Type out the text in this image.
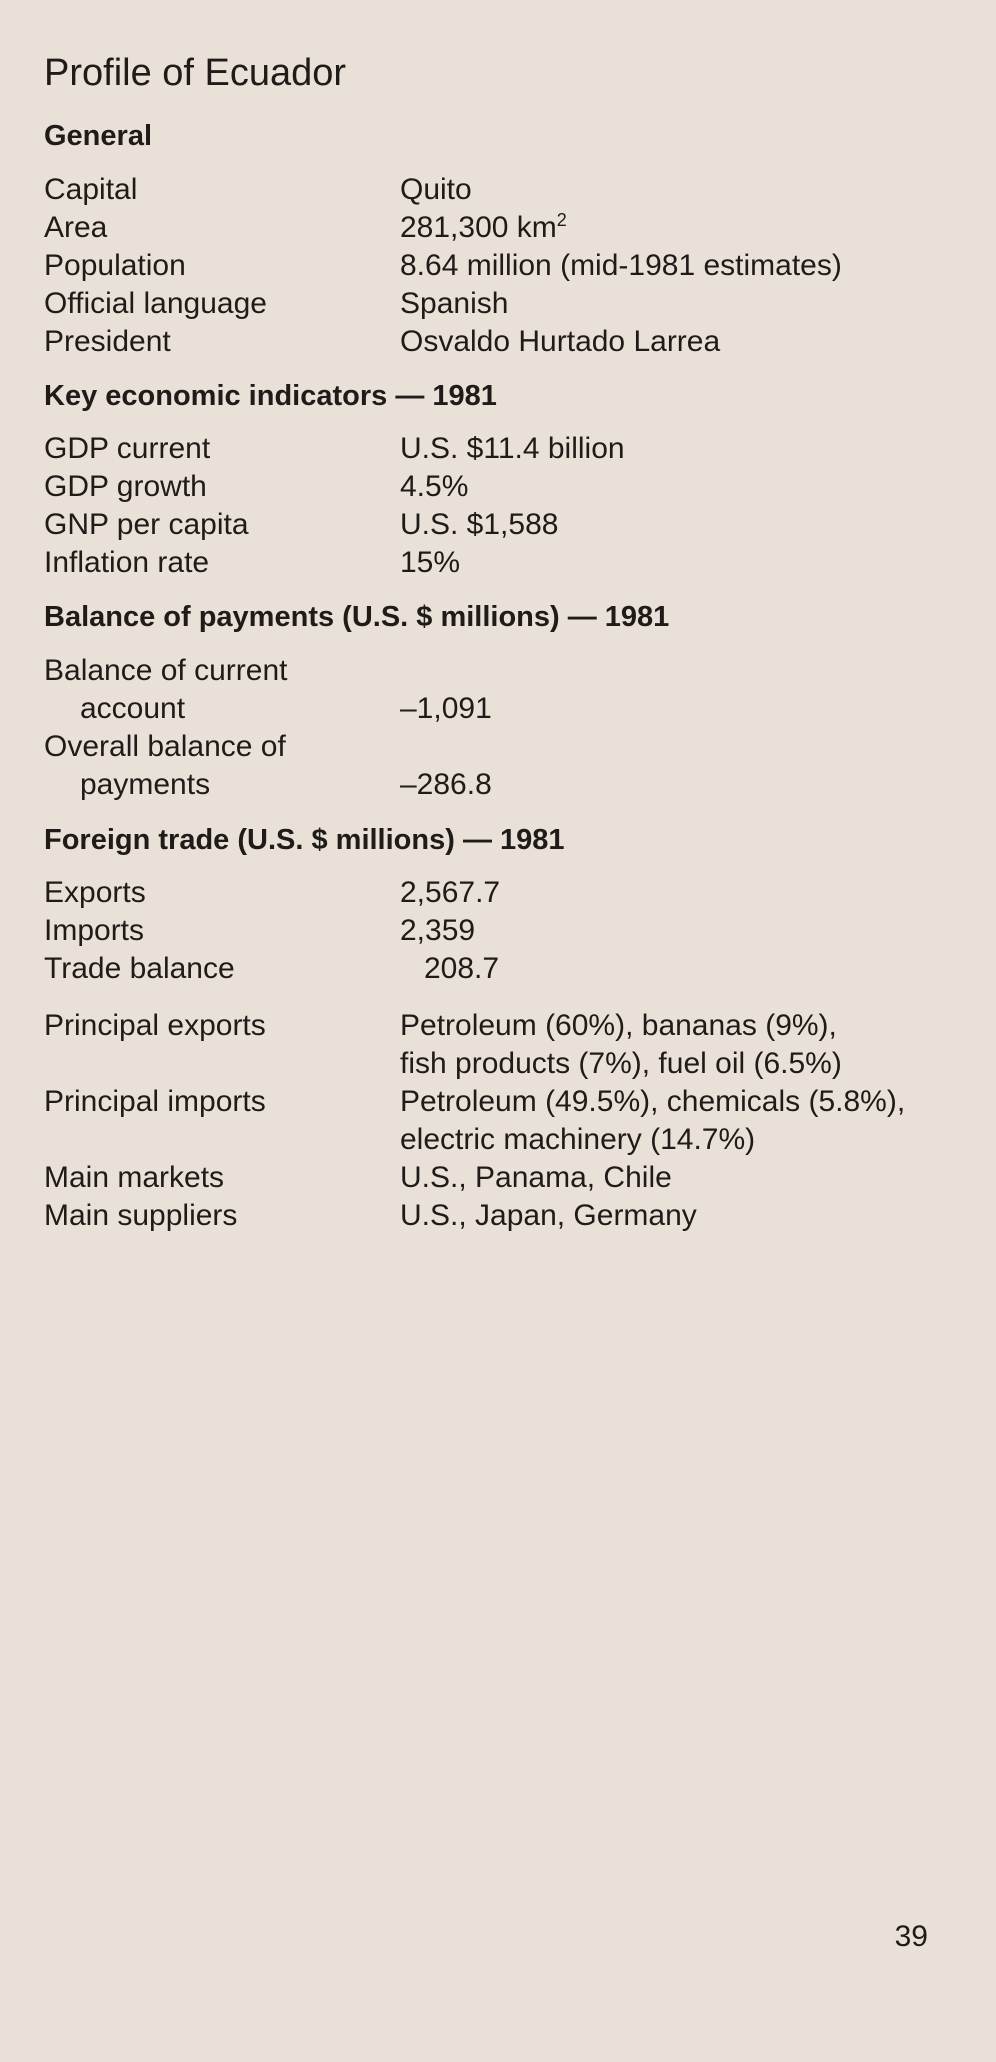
Profile of Ecuador
General
Capital	Quito
Area	281,300 $km^2$
Population	8.64 million (mid-1981 estimates)
Official language	Spanish
President	Osvaldo Hurtado Larrea
Key economic indicators — 1981
GDP current	U.S. $11.4 billion
GDP growth	4.5%
GNP per capita	U.S. $1,588
Inflation rate	15%
Balance of payments (U.S. $ millions) — 1981
Balance of current
account	–1,091
Overall balance of
payments	–286.8
Foreign trade (U.S. $ millions) — 1981
Exports	2,567.7
Imports	2,359
Trade balance	208.7
Principal exports	Petroleum (60%), bananas (9%),
fish products (7%), fuel oil (6.5%)
Principal imports	Petroleum (49.5%), chemicals (5.8%),
electric machinery (14.7%)
Main markets	U.S., Panama, Chile
Main suppliers	U.S., Japan, Germany
39
